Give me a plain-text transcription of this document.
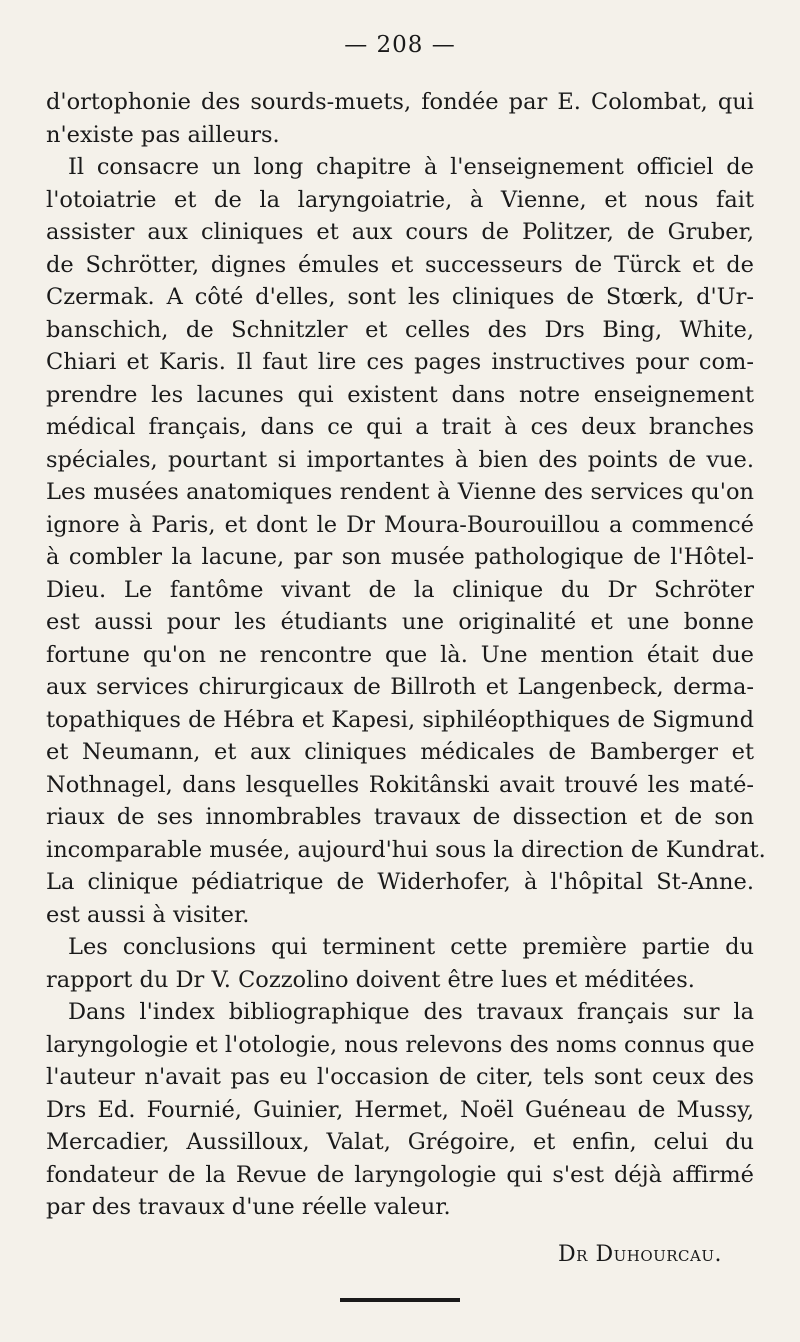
— 208 —
d'ortophonie des sourds-muets, fondée par E. Colombat, qui
n'existe pas ailleurs.
Il consacre un long chapitre à l'enseignement officiel de
l'otoiatrie et de la laryngoiatrie, à Vienne, et nous fait
assister aux cliniques et aux cours de Politzer, de Gruber,
de Schrötter, dignes émules et successeurs de Türck et de
Czermak. A côté d'elles, sont les cliniques de Stœrk, d'Ur-
banschich, de Schnitzler et celles des Drs Bing, White,
Chiari et Karis. Il faut lire ces pages instructives pour com-
prendre les lacunes qui existent dans notre enseignement
médical français, dans ce qui a trait à ces deux branches
spéciales, pourtant si importantes à bien des points de vue.
Les musées anatomiques rendent à Vienne des services qu'on
ignore à Paris, et dont le Dr Moura-Bourouillou a commencé
à combler la lacune, par son musée pathologique de l'Hôtel-
Dieu. Le fantôme vivant de la clinique du Dr Schröter
est aussi pour les étudiants une originalité et une bonne
fortune qu'on ne rencontre que là. Une mention était due
aux services chirurgicaux de Billroth et Langenbeck, derma-
topathiques de Hébra et Kapesi, siphiléopthiques de Sigmund
et Neumann, et aux cliniques médicales de Bamberger et
Nothnagel, dans lesquelles Rokitânski avait trouvé les maté-
riaux de ses innombrables travaux de dissection et de son
incomparable musée, aujourd'hui sous la direction de Kundrat.
La clinique pédiatrique de Widerhofer, à l'hôpital St-Anne.
est aussi à visiter.
Les conclusions qui terminent cette première partie du
rapport du Dr V. Cozzolino doivent être lues et méditées.
Dans l'index bibliographique des travaux français sur la
laryngologie et l'otologie, nous relevons des noms connus que
l'auteur n'avait pas eu l'occasion de citer, tels sont ceux des
Drs Ed. Fournié, Guinier, Hermet, Noël Guéneau de Mussy,
Mercadier, Aussilloux, Valat, Grégoire, et enfin, celui du
fondateur de la Revue de laryngologie qui s'est déjà affirmé
par des travaux d'une réelle valeur.
Dr Duhourcau.
